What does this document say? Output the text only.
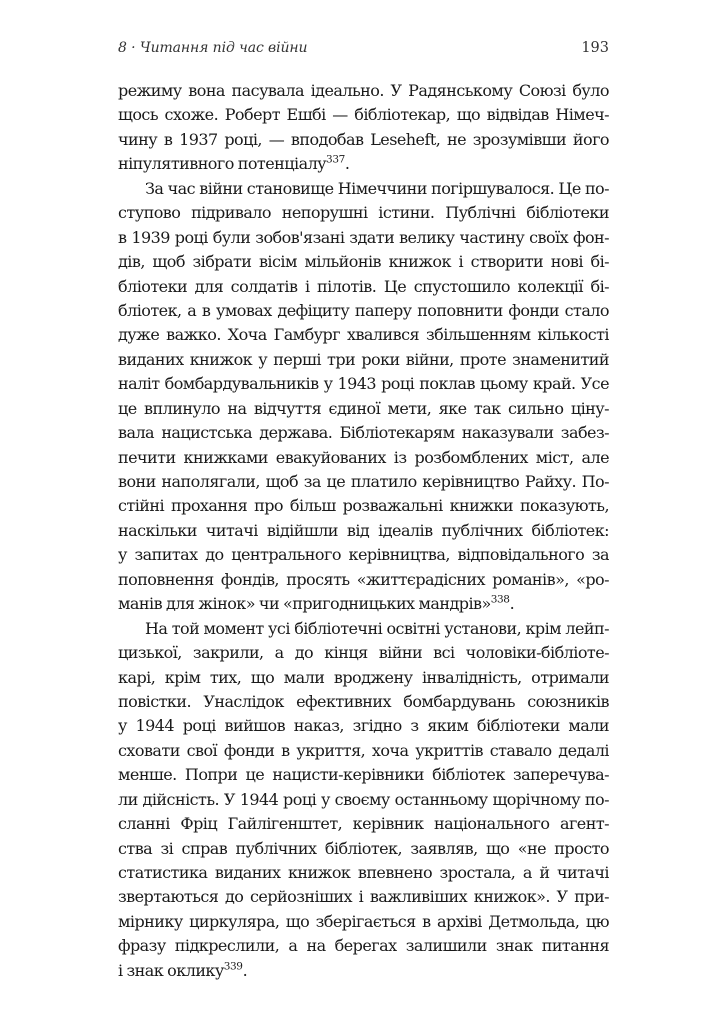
8 · Читання під час війни	193
режиму вона пасувала ідеально. У Радянському Союзі було
щось схоже. Роберт Ешбі — бібліотекар, що відвідав Німеч-
чину в 1937 році, — вподобав Leseheft, не зрозумівши його
ніпулятивного потенціалу$^{337}$.
За час війни становище Німеччини погіршувалося. Це по-
ступово підривало непорушні істини. Публічні бібліотеки
в 1939 році були зобов'язані здати велику частину своїх фон-
дів, щоб зібрати вісім мільйонів книжок і створити нові бі-
бліотеки для солдатів і пілотів. Це спустошило колекції бі-
бліотек, а в умовах дефіциту паперу поповнити фонди стало
дуже важко. Хоча Гамбург хвалився збільшенням кількості
виданих книжок у перші три роки війни, проте знаменитий
наліт бомбардувальників у 1943 році поклав цьому край. Усе
це вплинуло на відчуття єдиної мети, яке так сильно ціну-
вала нацистська держава. Бібліотекарям наказували забез-
печити книжками евакуйованих із розбомблених міст, але
вони наполягали, щоб за це платило керівництво Райху. По-
стійні прохання про більш розважальні книжки показують,
наскільки читачі відійшли від ідеалів публічних бібліотек:
у запитах до центрального керівництва, відповідального за
поповнення фондів, просять «життєрадісних романів», «ро-
манів для жінок» чи «пригодницьких мандрів»$^{338}$.
На той момент усі бібліотечні освітні установи, крім лейп-
цизької, закрили, а до кінця війни всі чоловіки-бібліоте-
карі, крім тих, що мали вроджену інвалідність, отримали
повістки. Унаслідок ефективних бомбардувань союзників
у 1944 році вийшов наказ, згідно з яким бібліотеки мали
сховати свої фонди в укриття, хоча укриттів ставало дедалі
менше. Попри це нацисти-керівники бібліотек заперечува-
ли дійсність. У 1944 році у своєму останньому щорічному по-
сланні Фріц Гайлігенштет, керівник національного агент-
ства зі справ публічних бібліотек, заявляв, що «не просто
статистика виданих книжок впевнено зростала, а й читачі
звертаються до серйозніших і важливіших книжок». У при-
мірнику циркуляра, що зберігається в архіві Детмольда, цю
фразу підкреслили, а на берегах залишили знак питання
і знак оклику$^{339}$.
